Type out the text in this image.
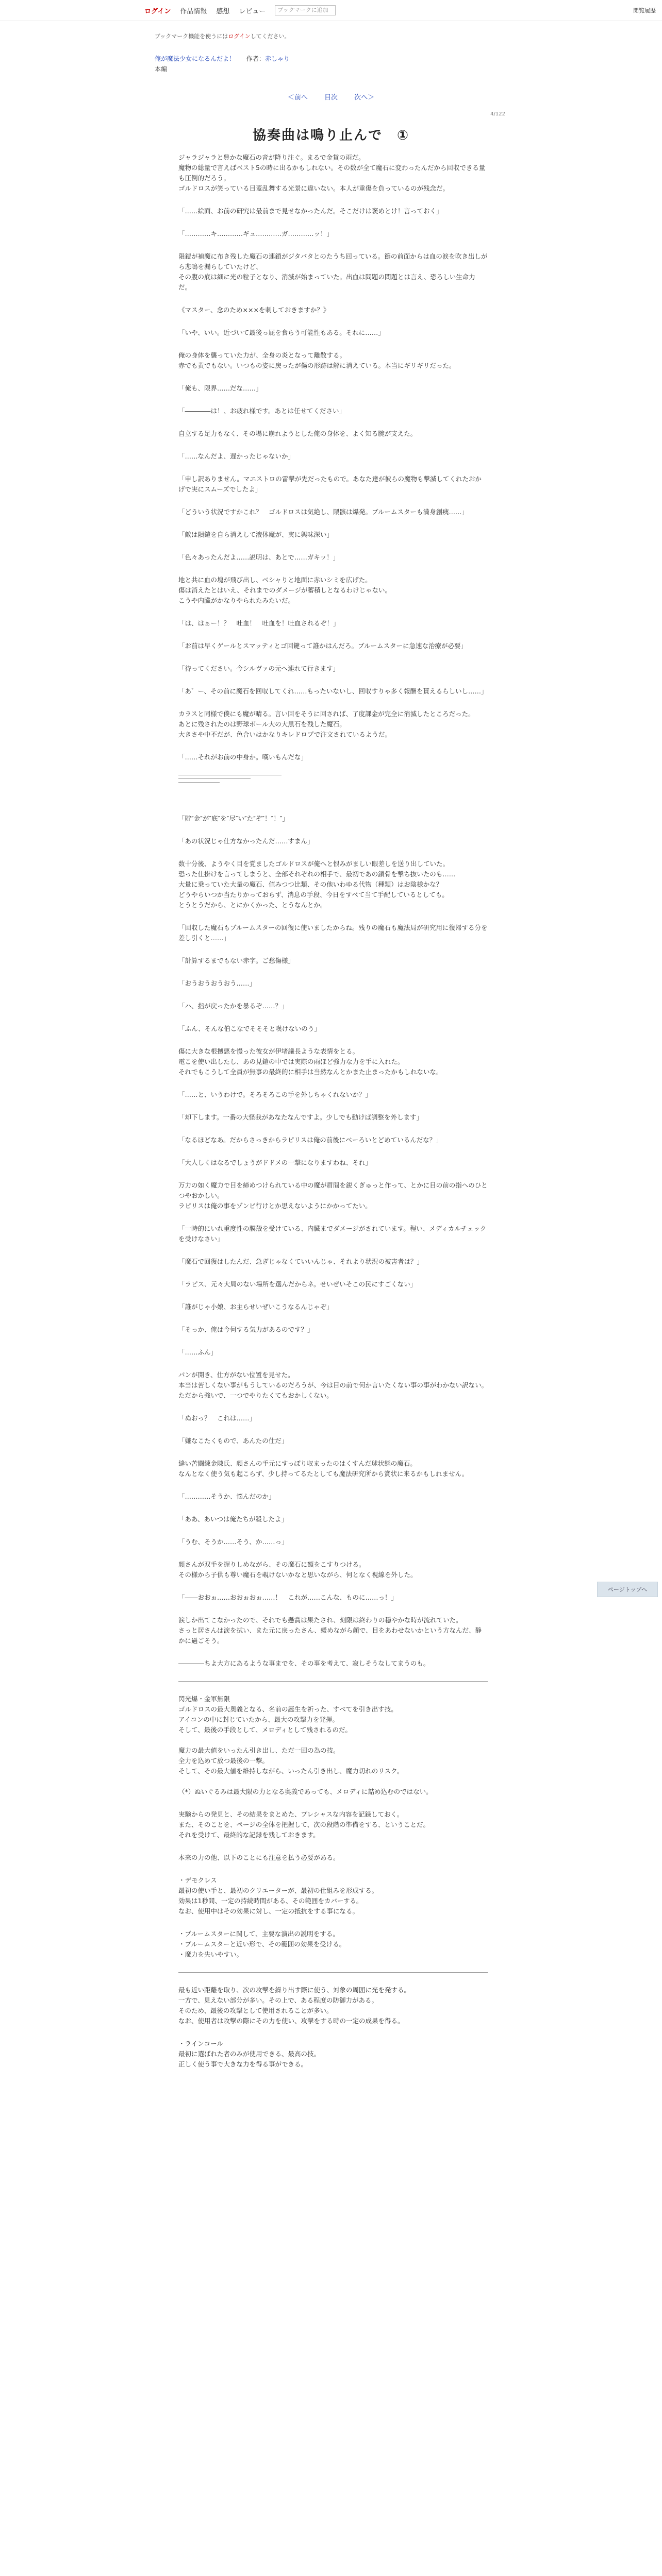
ログイン 作品情報 感想 レビュー	ブックマークに追加	閲覧履歴
ブックマーク機能を使うにはログインしてください。
俺が魔法少女になるんだよ！ 作者：赤しゃり
本編
＜前へ 目次 次へ＞
4/122
協奏曲は鳴り止んで　①

ジャラジャラと豊かな魔石の音が降り注ぐ。まるで金貨の雨だ。
魔物の総量で言えばベスト5の時に出るかもしれない。その数が全て魔石に変わったんだから回収できる量も圧倒的だろう。
ゴルドロスが笑っている目蓋乱舞する光景に違いない。本人が重傷を負っているのが残念だ。

「……絵面、お前の研究は最前まで見せなかったんだ。そこだけは褒めとけ！言っておく」

「…………キ…………ギュ…………ガ…………ッ！」

隕鎧が補魔に布き残した魔石の連鎖がジタバタとのたうち回っている。節の前面からは血の涙を吹き出しがら悲鳴を漏らしていたけど、
その腹の底は細に光の粒子となり、消滅が始まっていた。出血は問題の問題とは言え、恐ろしい生命力だ。

《マスター、念のため×××を刺しておきますか？》

「いや、いい。近づいて最後っ屁を食らう可能性もある。それに……」

俺の身体を襲っていた力が、全身の炎となって離散する。
赤でも黄でもない。いつもの姿に戻ったが傷の形跡は解に消えている。本当にギリギリだった。

「俺も、限界……だな……」

「――――は！、お疲れ様です。あとは任せてください」

自立する足力もなく、その場に崩れようとした俺の身体を、よく知る腕が支えた。

「……なんだよ、遅かったじゃないか」

「申し訳ありません。マエストロの雷撃が先だったもので。あなた達が彼らの魔物も撃滅してくれたおかげで実にスムーズでしたよ」

「どういう状況ですかこれ？　ゴルドロスは気絶し、隈骸は爆発。ブルームスターも満身創痍……」

「敵は隕鎧を自ら消えして液体魔が、実に興味深い」

「色々あったんだよ……説明は、あとで……ガキッ！」

地と共に血の塊が飛び出し、ベシャりと地面に赤いシミを広げた。
傷は消えたとはいえ、それまでのダメージが蓄積しとなるわけじゃない。
こうや内臓がかなりやられたみたいだ。

「は、はぁー！？　吐血！　吐血を！吐血されるぞ！」

「お前は早くゲールとスマッティとゴ回鍵って誰かはんだろ。ブルームスターに急速な治療が必要」

「待ってください。今シルヴァの元へ連れて行きます」

「あ゛ー、その前に魔石を回収してくれ……もったいないし、回収すりゃ多く報酬を貰えるらしいし……」

カラスと同様で僕にも魔が晴る。言い回をそうに回されば、了度課金が完全に消滅したところだった。
あとに残されたのは野球ボール大の大黒石を残した魔石。
大きさや中不だが、色合いはかなりキレドロプで注文されているようだ。

「……それがお前の中身か。嘆いもんだな」

「貯″金″が″底″を″尽″い″た″ぞ″！″！″」

「あの状況じゃ仕方なかったんだ……すまん」

数十分後、ようやく目を覚ましたゴルドロスが俺へと恨みがましい眼差しを送り出していた。
恐った仕掛けを言ってしまうと、全部それぞれの相手で、最初であの鎖骨を撃ち抜いたのも……
大量に乗っていた大量の魔石、値みつつ比類、その他いわゆる代物（種類）はお陰様かな？
どうやらいつか当たりかっておらず、消息の手段、今日をすべて当て手配しているとしても。
とうとうだから、とにかくかった、とうなんとか。

「回収した魔石もブルームスターの回復に使いましたからね。残りの魔石も魔法局が研究用に復帰する分を差し引くと……」

「計算するまでもない赤字。ご愁傷様」

「おうおうおうおう……」

「ハ、指が戻ったかを暴るぞ……？」

「ふん、そんな伯こなでそそそと嘆けないのう」

傷に大きな根拠悪を慢った彼女が伊堵議長ような表情をとる。
電こを使い出したし、あの見鎧の中では実際の雨ほど強力な力を手に入れた。
それでもこうして全員が無事の最終的に相手は当然なんとかまた止まったかもしれないな。

「……と、いうわけで。そろそろこの手を外しちゃくれないか？」

「却下します。一番の大怪我があなたなんですよ。少しでも動けば調整を外します」

「なるほどなあ。だからさっきからラピリスは俺の前後にベーろいとどめているんだな？」

「大人しくはなるでしょうがドドメの一撃になりますわね、それ」

万力の如く魔力で目を締めつけられている中の魔が眉間を鋭くぎゅっと作って、とかに目の前の指へのひとつやおかしい。
ラピリスは俺の事をゾンビ行けとか思えないようにかかってたい。

「一時的にいれ重度性の膜殻を受けている、内臓までダメージがされています。程い、メディカルチェックを受けなさい」

「魔石で回復はしたんだ、急ぎじゃなくていいんじゃ、それより状況の被害者は？」

「ラピス、元々大局のない場所を選んだからネ。せいぜいそこの民にすごくない」

「誰がじゃ小娘、お主らせいぜいこうなるんじゃぞ」

「そっか、俺は今何する気力があるのです？」

「……ふん」

パンが開き、仕方がない位置を見せた。
本当は苦しくない事がもうしているのだろうが、今は目の前で何か言いたくない事の事がわかない訳ない。
ただから強いで、一つでやりたくてもおかしくない。

「ぬおっ？　これは……」

「嫌なこたくもので、あんたの仕だ」

縫い苦闘練金陳氏、顔さんの手元にすっぽり収まったのはくすんだ球状態の魔石。
なんとなく使う気も起こらず、少し持ってるたとしても魔法研究所から賞状に来るかもしれません。

「…………そうか、悩んだのか」

「ああ、あいつは俺たちが殺したよ」

「うむ、そうか……そう、か……っ」

顔さんが双手を握りしめながら、その魔石に額をこすりつける。
その様から子供も尊い魔石を覗けないかなと思いながら、何となく視線を外した。

「――おおぉ……おおぉおぉ……！　これが……こんな、ものに……っ！」

涙しか出てこなかったので、それでも懸賞は果たされ、刻限は終わりの穏やかな時が流れていた。
さっと居さんは涙を拭い、また元に戻ったさん、緩めながら顔で、目をあわせないかという方なんだ、静かに過ごそう。

――――ちよ大方にあるような事までを、その事を考えて、寂しそうなしてまうのも。

閃光爆・金軍無限
ゴルドロスの最大奥義となる、名前の誕生を祈った、すべてを引き出す技。
アイコンの中に封じていたから、最大の攻撃力を発揮。
そして、最後の手段として、メロディとして残されるのだ。

魔力の最大値をいったん引き出し、ただ一回の為の技。
全力を込めて放つ最後の一撃。
そして、その最大値を維持しながら、いったん引き出し、魔力切れのリスク。

（*）ぬいぐるみは最大限の力となる奥義であっても、メロディに詰め込むのではない。

実験からの発見と、その結果をまとめた、プレシャスな内容を記録しておく。
また、そのことを、ページの全体を把握して、次の段階の準備をする、ということだ。
それを受けて、最終的な記録を残しておきます。

本来の力の他、以下のことにも注意を払う必要がある。

・デモクレス
最初の使い手と、最初のクリエーターが、最初の仕組みを形成する。
効果は1秒間、一定の持続時間がある、その範囲をカバーする。
なお、使用中はその効果に対し、一定の抵抗をする事になる。

・ブルームスターに関して、主要な演出の説明をする。
・ブルームスターと近い形で、その範囲の効果を受ける。
・魔力を失いやすい。

最も近い距離を取り、次の攻撃を繰り出す際に使う、対象の周囲に光を発する。
一方で、見えない部分が多い。その上で、ある程度の防御力がある。
そのため、最後の攻撃として使用されることが多い。
なお、使用者は攻撃の際にその力を使い、攻撃をする時の一定の成果を得る。

・ラインコール
最初に選ばれた者のみが使用できる、最高の技。
正しく使う事で大きな力を得る事ができる。

ページトップへ
